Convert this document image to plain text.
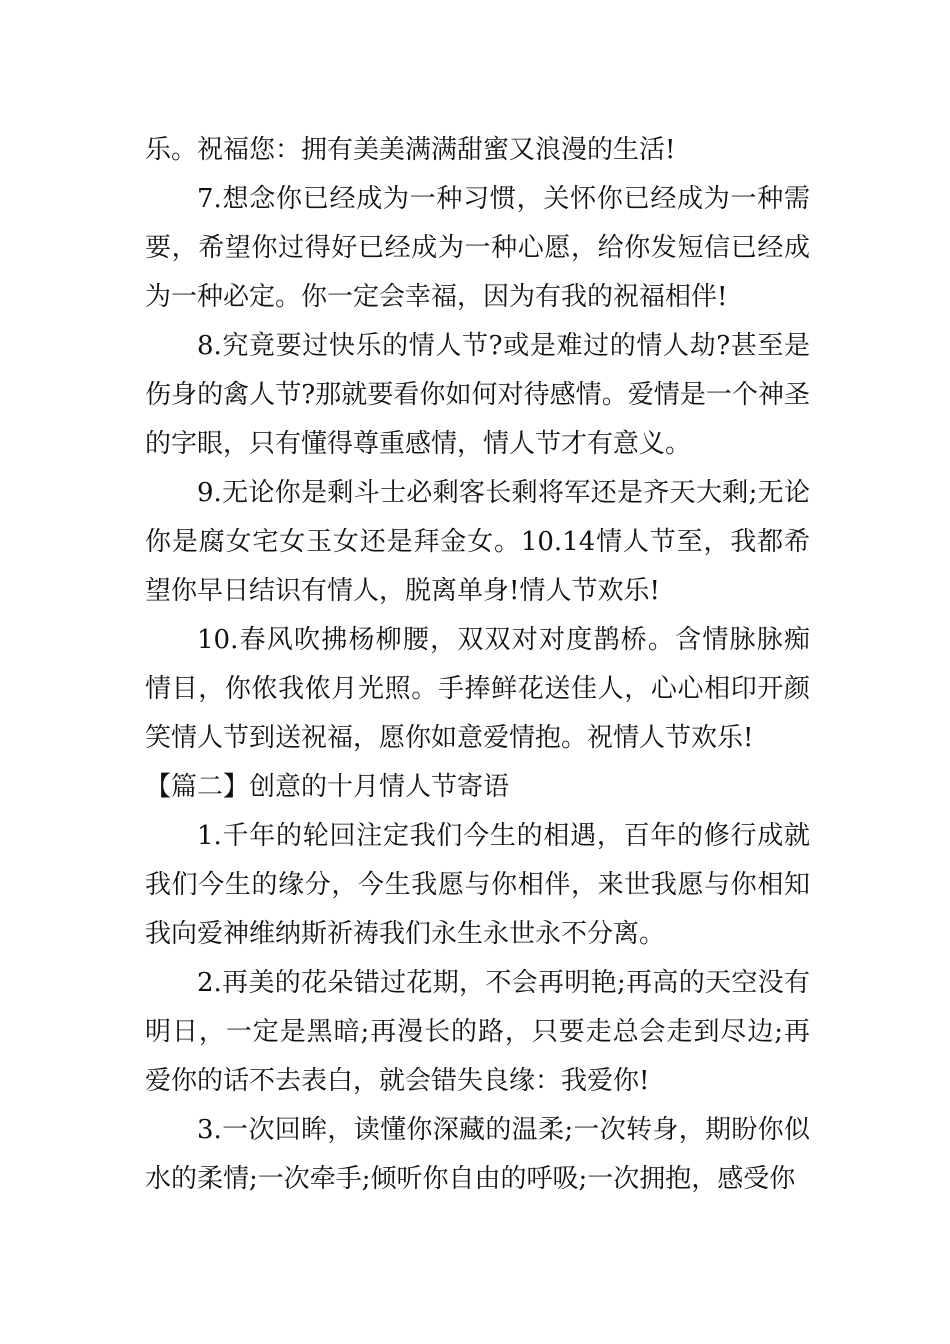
乐。祝福您：拥有美美满满甜蜜又浪漫的生活!

7.想念你已经成为一种习惯，关怀你已经成为一种需要，希望你过得好已经成为一种心愿，给你发短信已经成为一种必定。你一定会幸福，因为有我的祝福相伴!

8.究竟要过快乐的情人节?或是难过的情人劫?甚至是伤身的禽人节?那就要看你如何对待感情。爱情是一个神圣的字眼，只有懂得尊重感情，情人节才有意义。

9.无论你是剩斗士必剩客长剩将军还是齐天大剩;无论你是腐女宅女玉女还是拜金女。10.14情人节至，我都希望你早日结识有情人，脱离单身!情人节欢乐!

10.春风吹拂杨柳腰，双双对对度鹊桥。含情脉脉痴情目，你侬我侬月光照。手捧鲜花送佳人，心心相印开颜笑情人节到送祝福，愿你如意爱情抱。祝情人节欢乐!

【篇二】创意的十月情人节寄语

1.千年的轮回注定我们今生的相遇，百年的修行成就我们今生的缘分，今生我愿与你相伴，来世我愿与你相知我向爱神维纳斯祈祷我们永生永世永不分离。

2.再美的花朵错过花期，不会再明艳;再高的天空没有明日，一定是黑暗;再漫长的路，只要走总会走到尽边;再爱你的话不去表白，就会错失良缘：我爱你!

3.一次回眸，读懂你深藏的温柔;一次转身，期盼你似水的柔情;一次牵手;倾听你自由的呼吸;一次拥抱，感受你
